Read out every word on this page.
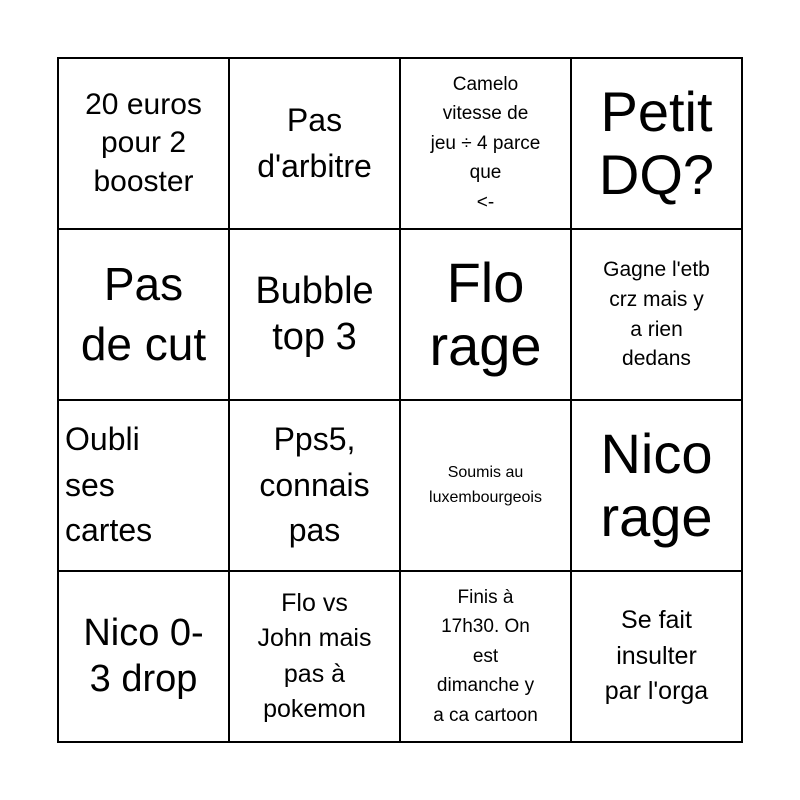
20 euros
pour 2
booster
Pas
d'arbitre
Camelo
vitesse de
jeu ÷ 4 parce
que
<-
Petit
DQ?
Pas
de cut
Bubble
top 3
Flo
rage
Gagne l'etb
crz mais y
a rien
dedans
Oubli
ses
cartes
Pps5,
connais
pas
Soumis au
luxembourgeois
Nico
rage
Nico 0-
3 drop
Flo vs
John mais
pas à
pokemon
Finis à
17h30. On
est
dimanche y
a ca cartoon
Se fait
insulter
par l'orga
